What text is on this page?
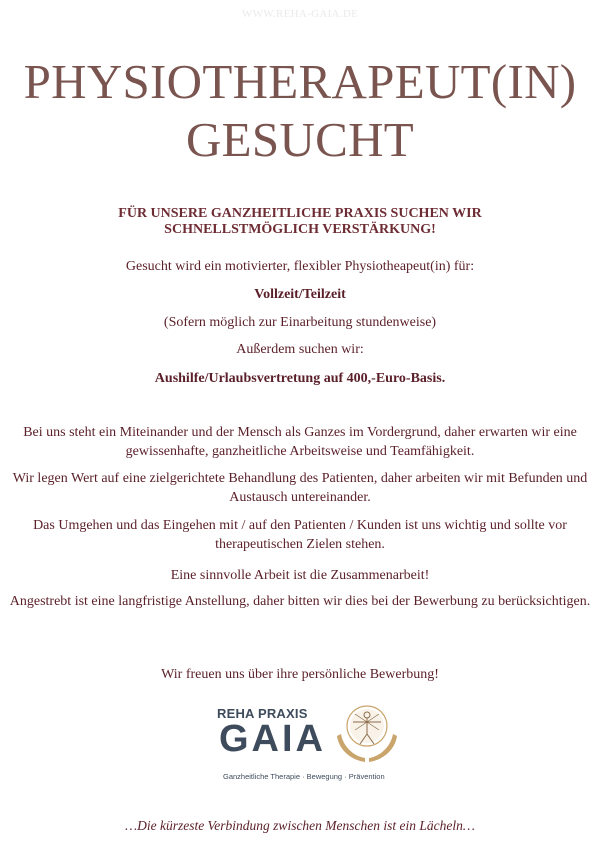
WWW.REHA-GAIA.DE
PHYSIOTHERAPEUT(IN)
GESUCHT
FÜR UNSERE GANZHEITLICHE PRAXIS SUCHEN WIR SCHNELLSTMÖGLICH VERSTÄRKUNG!

Gesucht wird ein motivierter, flexibler Physiotheapeut(in) für:

Vollzeit/Teilzeit

(Sofern möglich zur Einarbeitung stundenweise)

Außerdem suchen wir:

Aushilfe/Urlaubsvertretung auf 400,-Euro-Basis.

Bei uns steht ein Miteinander und der Mensch als Ganzes im Vordergrund, daher erwarten wir eine gewissenhafte, ganzheitliche Arbeitsweise und Teamfähigkeit.

Wir legen Wert auf eine zielgerichtete Behandlung des Patienten, daher arbeiten wir mit Befunden und Austausch untereinander.

Das Umgehen und das Eingehen mit / auf den Patienten / Kunden ist uns wichtig und sollte vor therapeutischen Zielen stehen.

Eine sinnvolle Arbeit ist die Zusammenarbeit!

Angestrebt ist eine langfristige Anstellung, daher bitten wir dies bei der Bewerbung zu berücksichtigen.

Wir freuen uns über ihre persönliche Bewerbung!

REHA PRAXIS
GAIA
Ganzheitliche Therapie · Bewegung · Prävention
…Die kürzeste Verbindung zwischen Menschen ist ein Lächeln…
